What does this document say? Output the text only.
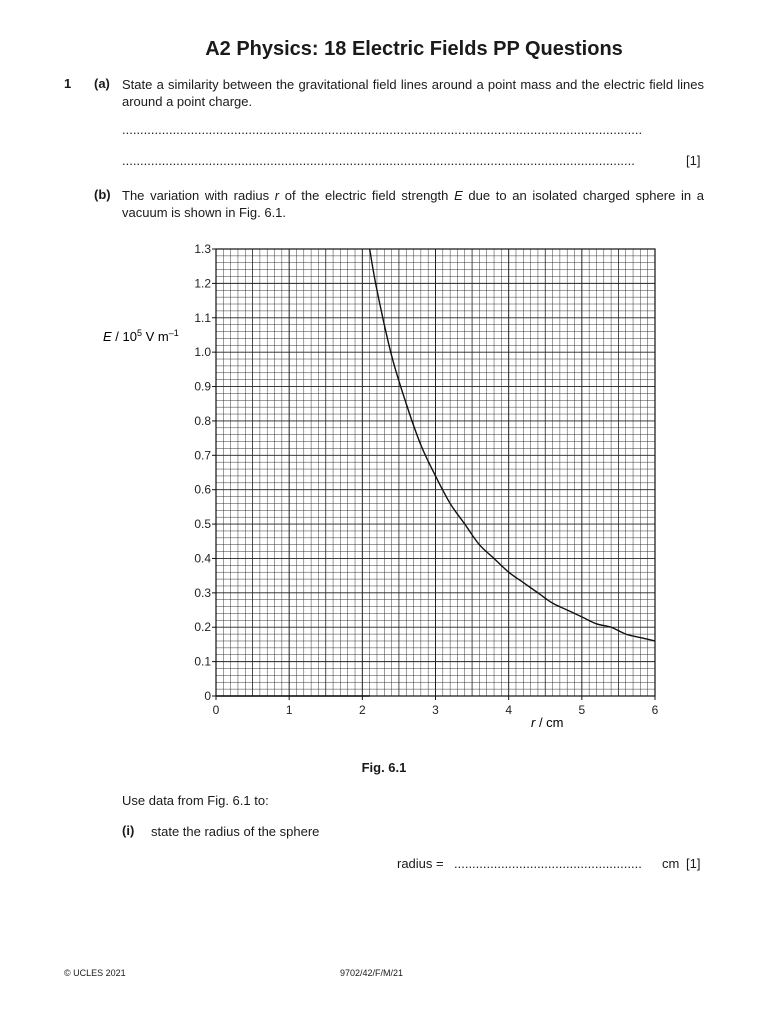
A2 Physics: 18 Electric Fields PP Questions
1 (a) State a similarity between the gravitational field lines around a point mass and the electric field lines around a point charge.
................................................................................................................................................
..............................................................................................................................................	[1]
(b) The variation with radius r of the electric field strength E due to an isolated charged sphere in a vacuum is shown in Fig. 6.1.
0
0.1
0.2
0.3
0.4
0.5
0.6
0.7
0.8
0.9
1.0
1.1
1.2
1.3
0	1	2	3	4	5	6
E / $10^5$ V $m^{-1}$
r / cm
Fig. 6.1
Use data from Fig. 6.1 to:
(i) state the radius of the sphere
radius = ....................................................	cm [1]
© UCLES 2021	9702/42/F/M/21
